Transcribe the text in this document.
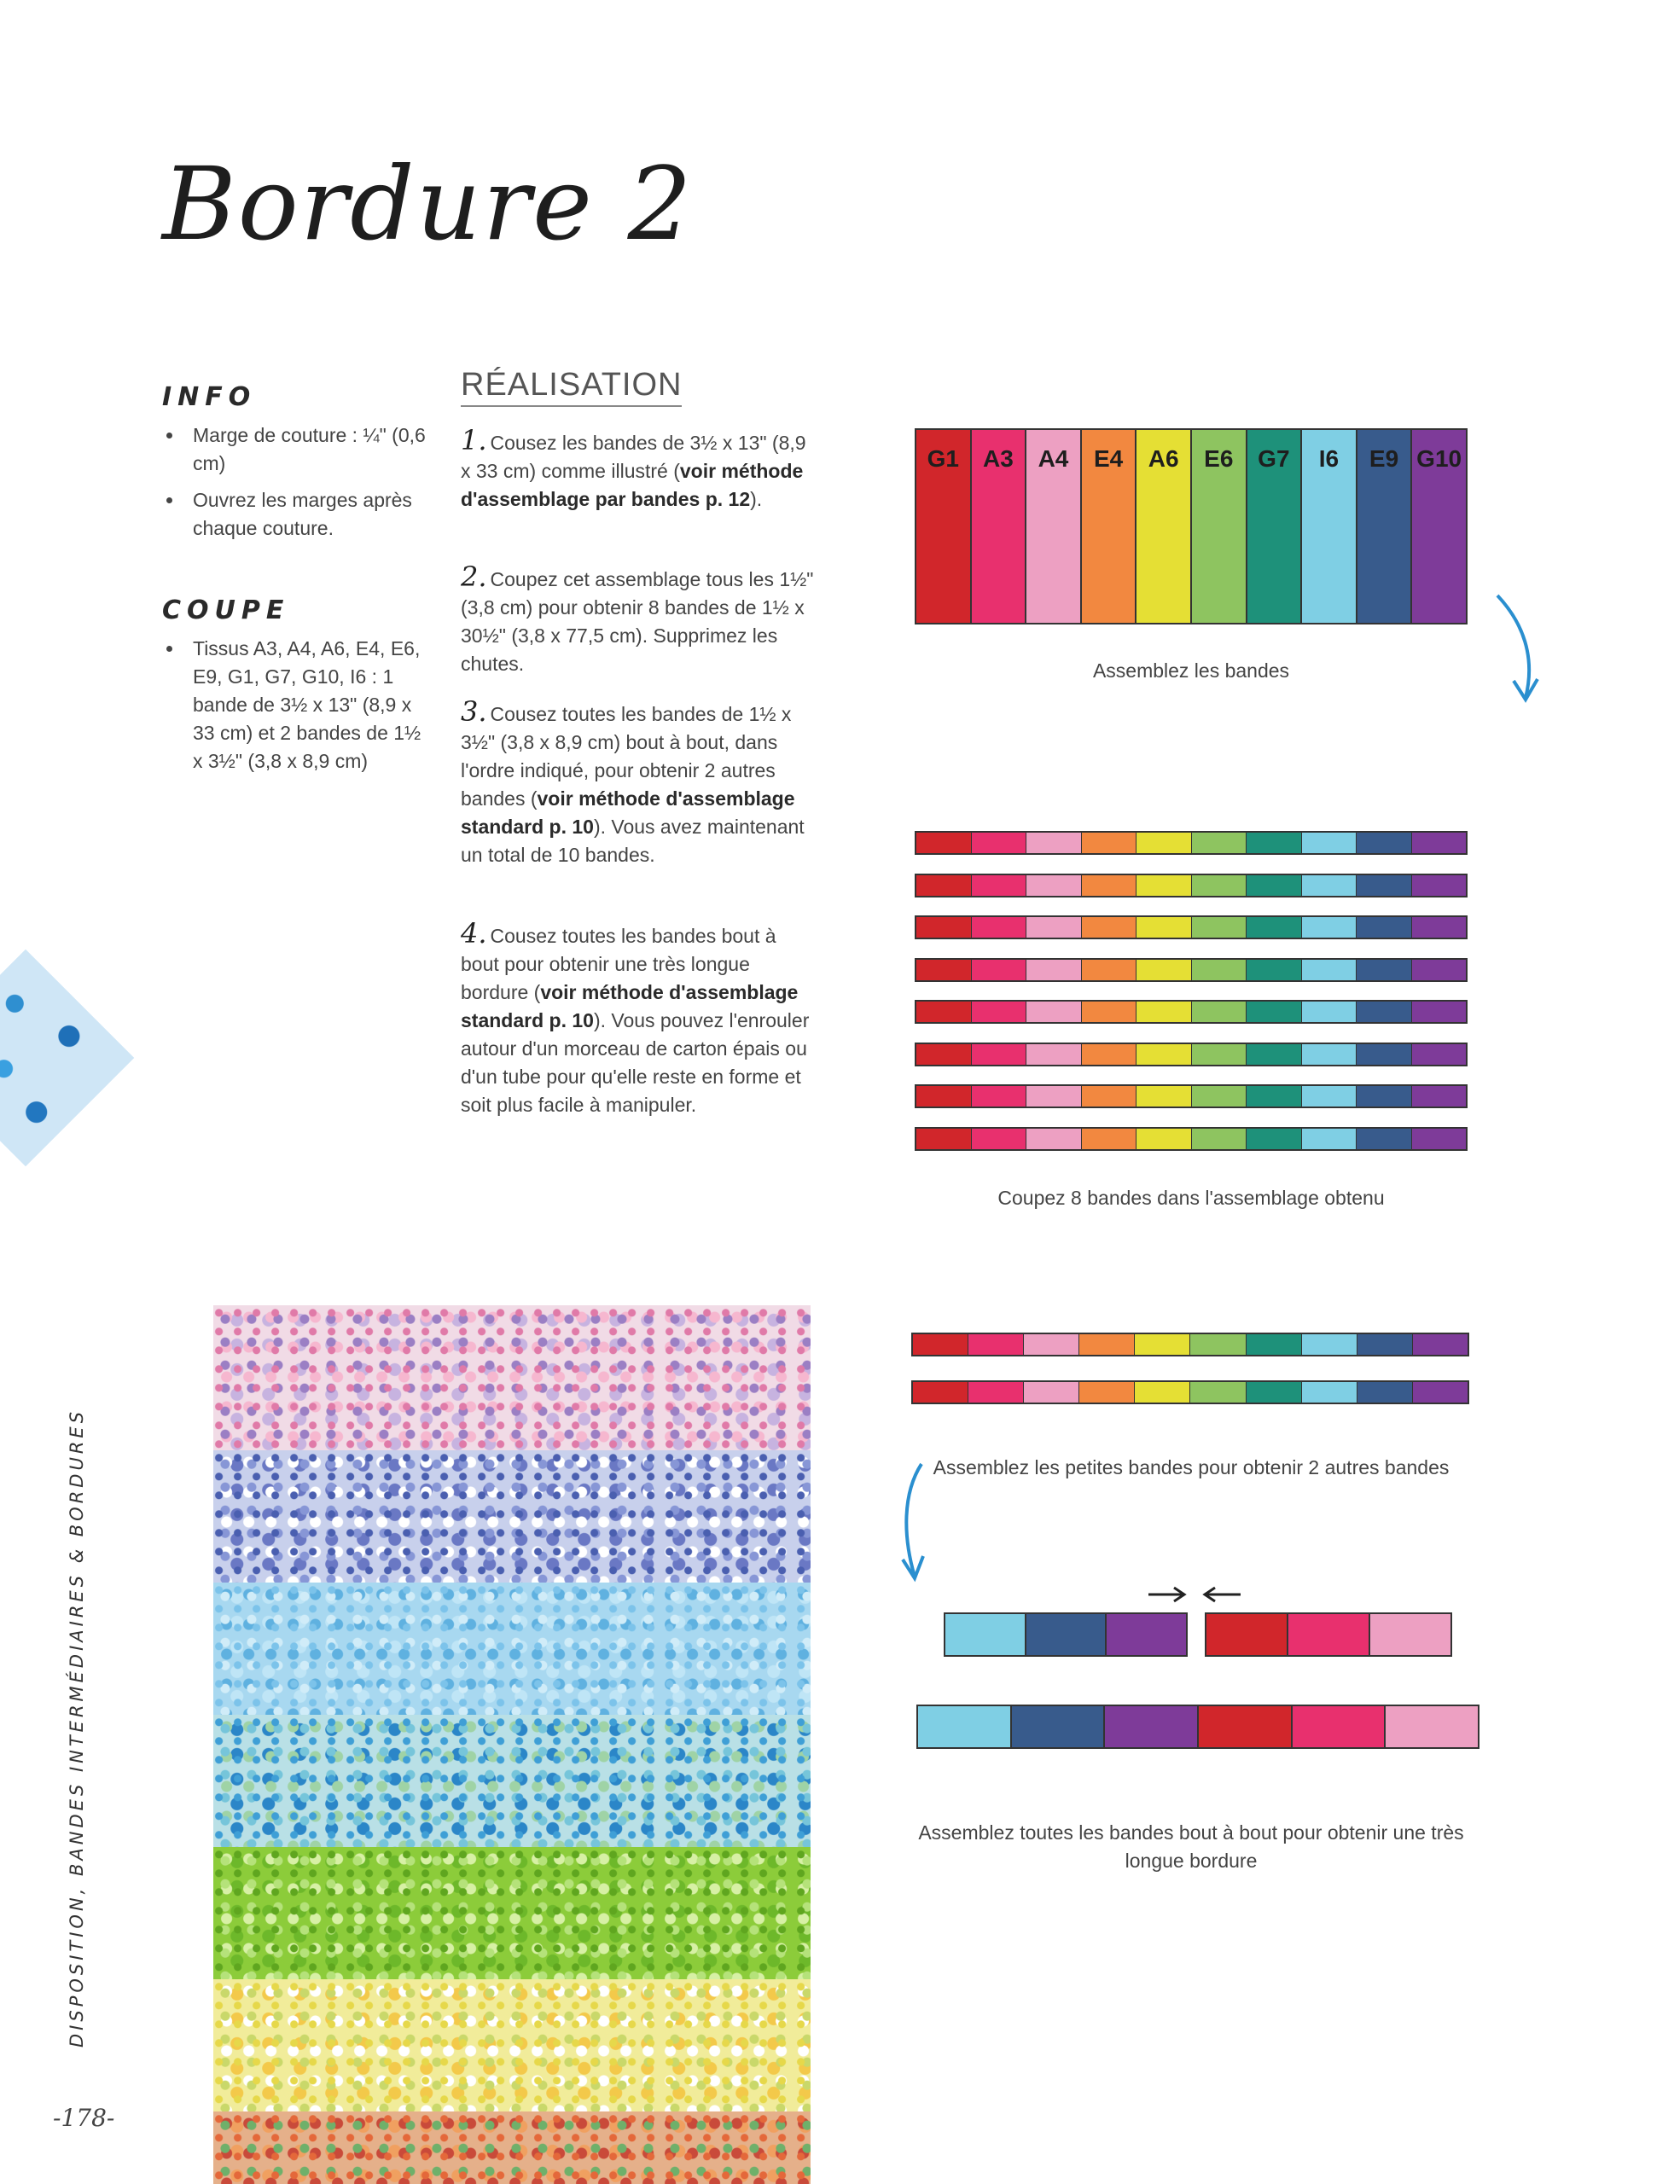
Bordure 2
INFO
• Marge de couture : ¼" (0,6 cm)
• Ouvrez les marges après chaque couture.
COUPE
• Tissus A3, A4, A6, E4, E6, E9, G1, G7, G10, I6 : 1 bande de 3½ x 13" (8,9 x 33 cm) et 2 bandes de 1½ x 3½" (3,8 x 8,9 cm)
RÉALISATION
1. Cousez les bandes de 3½ x 13" (8,9 x 33 cm) comme illustré (voir méthode d'assemblage par bandes p. 12).
2. Coupez cet assemblage tous les 1½" (3,8 cm) pour obtenir 8 bandes de 1½ x 30½" (3,8 x 77,5 cm). Supprimez les chutes.
3. Cousez toutes les bandes de 1½ x 3½" (3,8 x 8,9 cm) bout à bout, dans l'ordre indiqué, pour obtenir 2 autres bandes (voir méthode d'assemblage standard p. 10). Vous avez maintenant un total de 10 bandes.
4. Cousez toutes les bandes bout à bout pour obtenir une très longue bordure (voir méthode d'assemblage standard p. 10). Vous pouvez l'enrouler autour d'un morceau de carton épais ou d'un tube pour qu'elle reste en forme et soit plus facile à manipuler.
G1	A3	A4	E4	A6	E6	G7	I6	E9 G10
Assemblez les bandes
Coupez 8 bandes dans l'assemblage obtenu
Assemblez les petites bandes pour obtenir 2 autres bandes
Assemblez toutes les bandes bout à bout pour obtenir une très longue bordure
DISPOSITION, BANDES INTERMÉDIAIRES & BORDURES
-178-
